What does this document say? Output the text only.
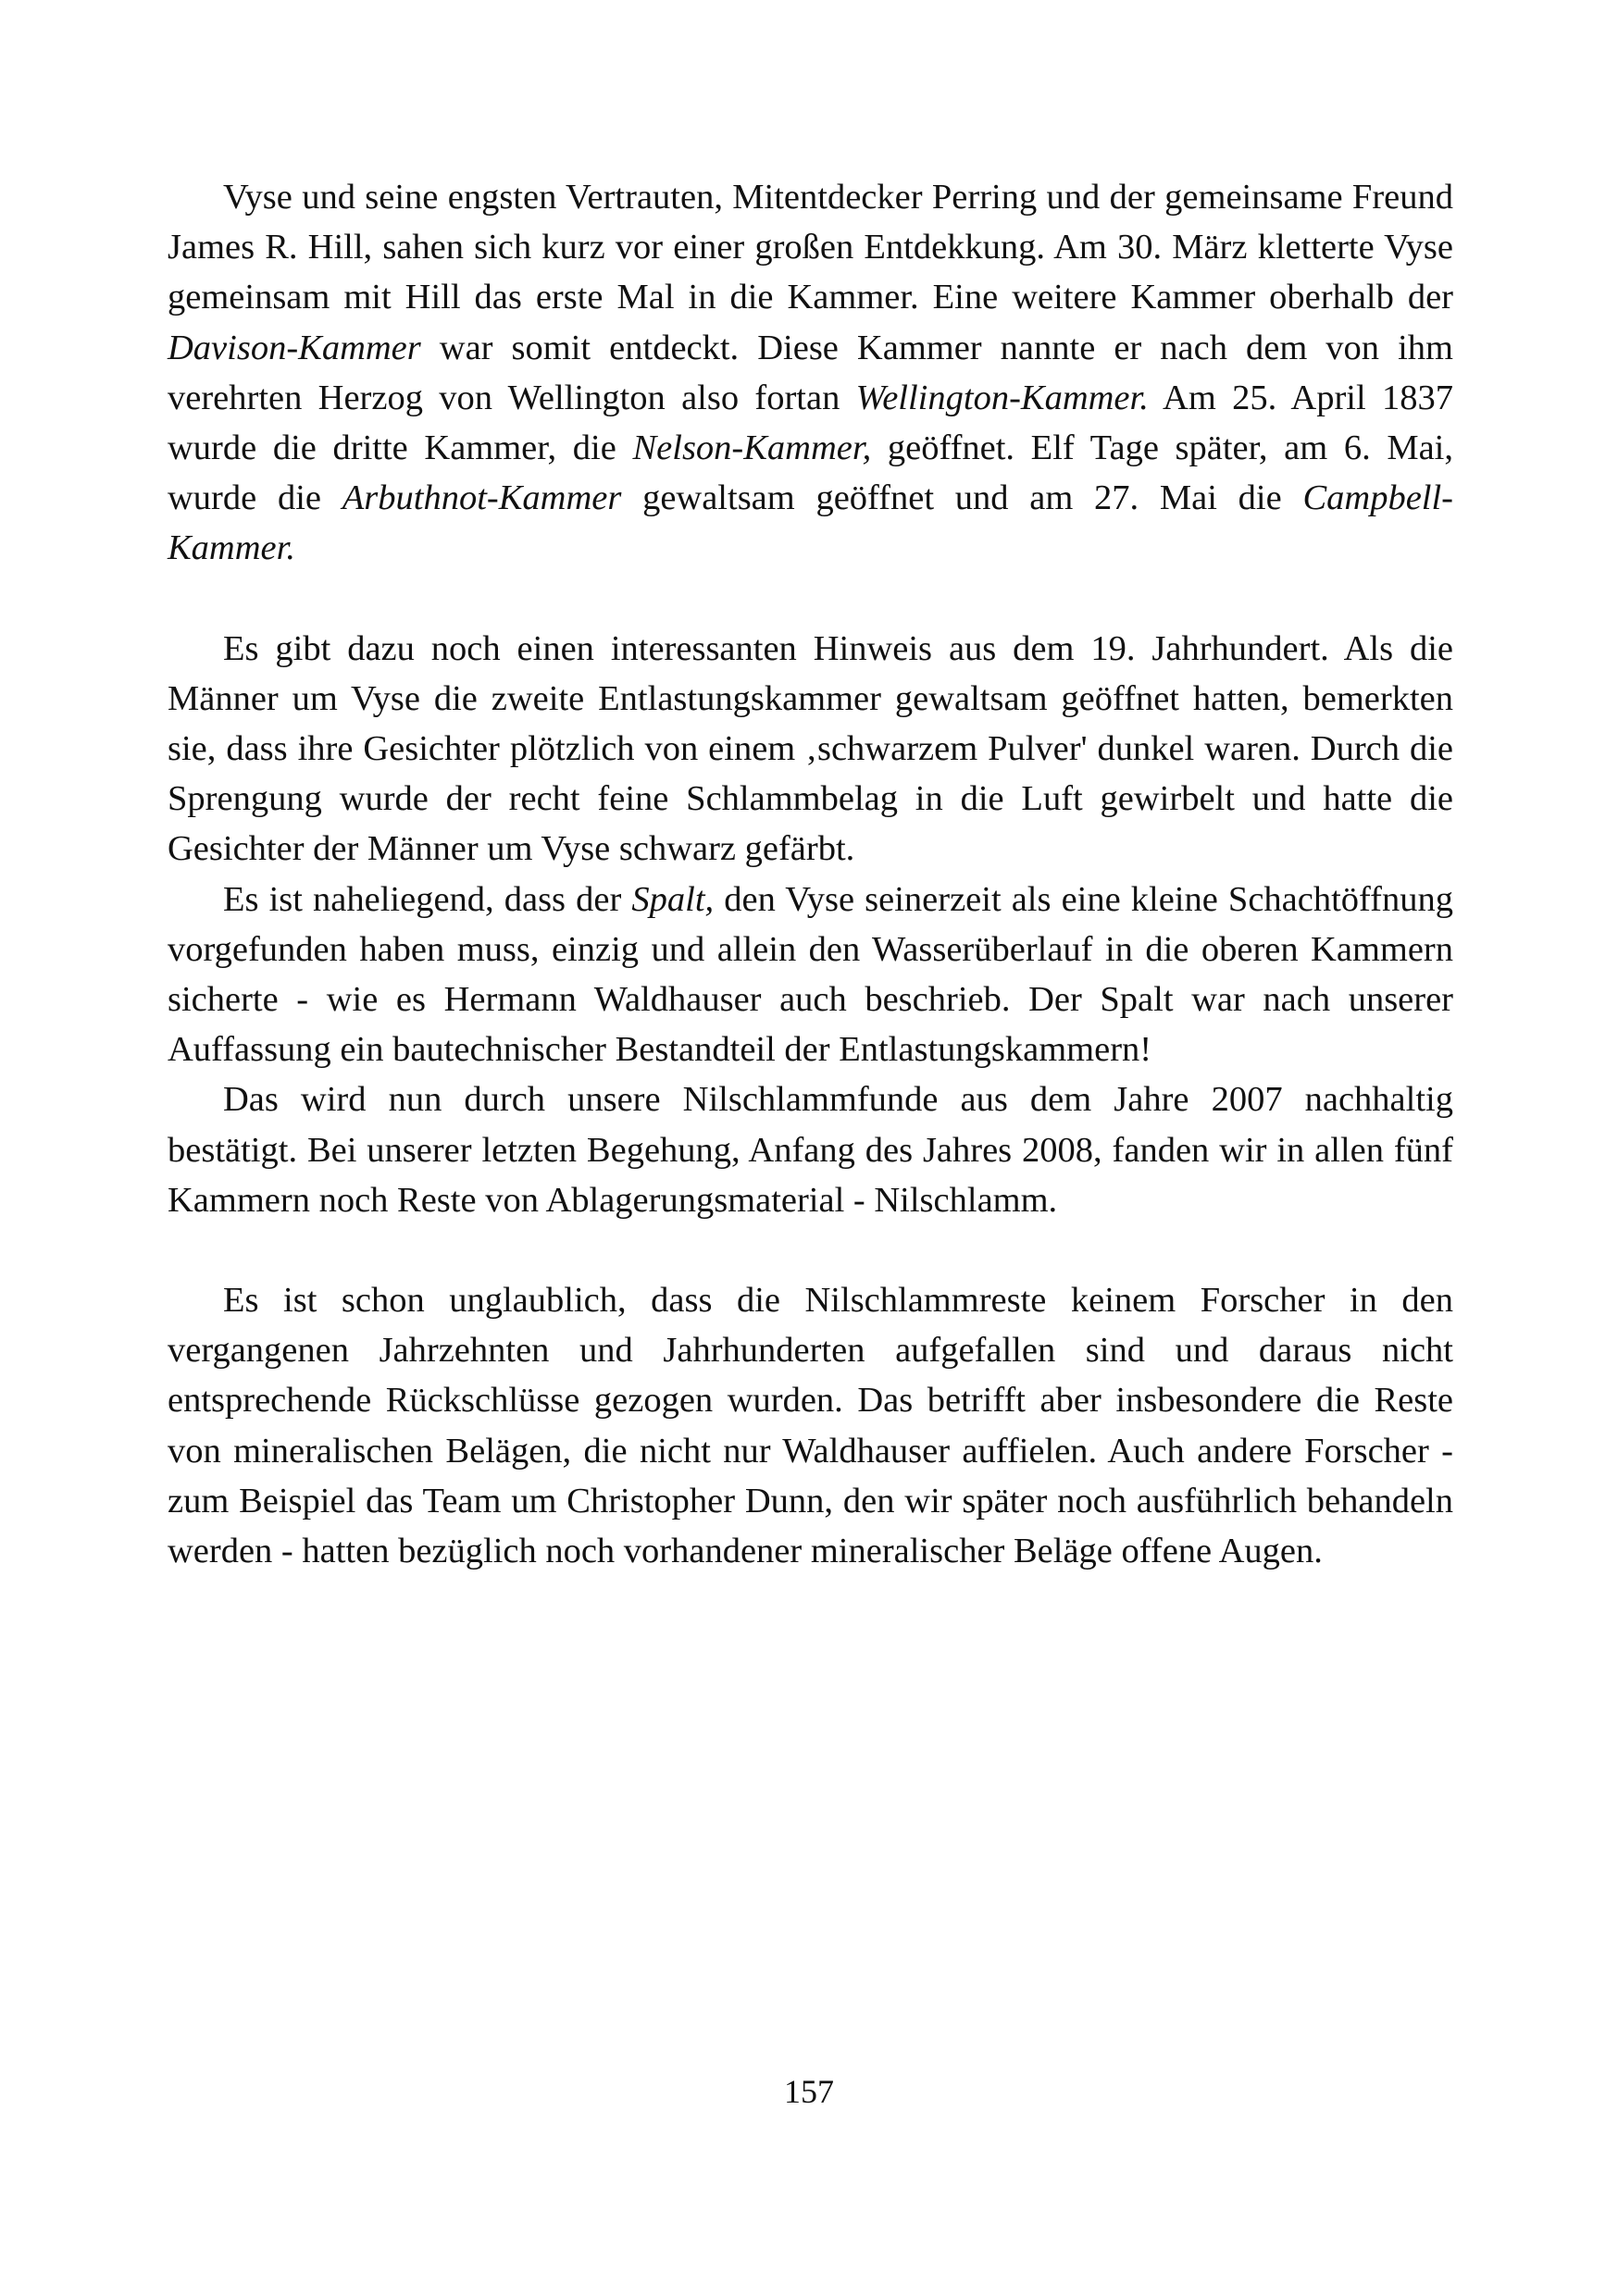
Vyse und seine engsten Vertrauten, Mitentdecker Perring und der gemeinsame Freund James R. Hill, sahen sich kurz vor einer großen Entdekkung. Am 30. März kletterte Vyse gemeinsam mit Hill das erste Mal in die Kammer. Eine weitere Kammer oberhalb der Davison-Kammer war somit entdeckt. Diese Kammer nannte er nach dem von ihm verehrten Herzog von Wellington also fortan Wellington-Kammer. Am 25. April 1837 wurde die dritte Kammer, die Nelson-Kammer, geöffnet. Elf Tage später, am 6. Mai, wurde die Arbuthnot-Kammer gewaltsam geöffnet und am 27. Mai die Campbell-Kammer.

Es gibt dazu noch einen interessanten Hinweis aus dem 19. Jahrhundert. Als die Männer um Vyse die zweite Entlastungskammer gewaltsam geöffnet hatten, bemerkten sie, dass ihre Gesichter plötzlich von einem ‚schwarzem Pulver' dunkel waren. Durch die Sprengung wurde der recht feine Schlammbelag in die Luft gewirbelt und hatte die Gesichter der Männer um Vyse schwarz gefärbt.

Es ist naheliegend, dass der Spalt, den Vyse seinerzeit als eine kleine Schachtöffnung vorgefunden haben muss, einzig und allein den Wasserüberlauf in die oberen Kammern sicherte - wie es Hermann Waldhauser auch beschrieb. Der Spalt war nach unserer Auffassung ein bautechnischer Bestandteil der Entlastungskammern!

Das wird nun durch unsere Nilschlammfunde aus dem Jahre 2007 nachhaltig bestätigt. Bei unserer letzten Begehung, Anfang des Jahres 2008, fanden wir in allen fünf Kammern noch Reste von Ablagerungsmaterial - Nilschlamm.

Es ist schon unglaublich, dass die Nilschlammreste keinem Forscher in den vergangenen Jahrzehnten und Jahrhunderten aufgefallen sind und daraus nicht entsprechende Rückschlüsse gezogen wurden. Das betrifft aber insbesondere die Reste von mineralischen Belägen, die nicht nur Waldhauser auffielen. Auch andere Forscher - zum Beispiel das Team um Christopher Dunn, den wir später noch ausführlich behandeln werden - hatten bezüglich noch vorhandener mineralischer Beläge offene Augen.

157
